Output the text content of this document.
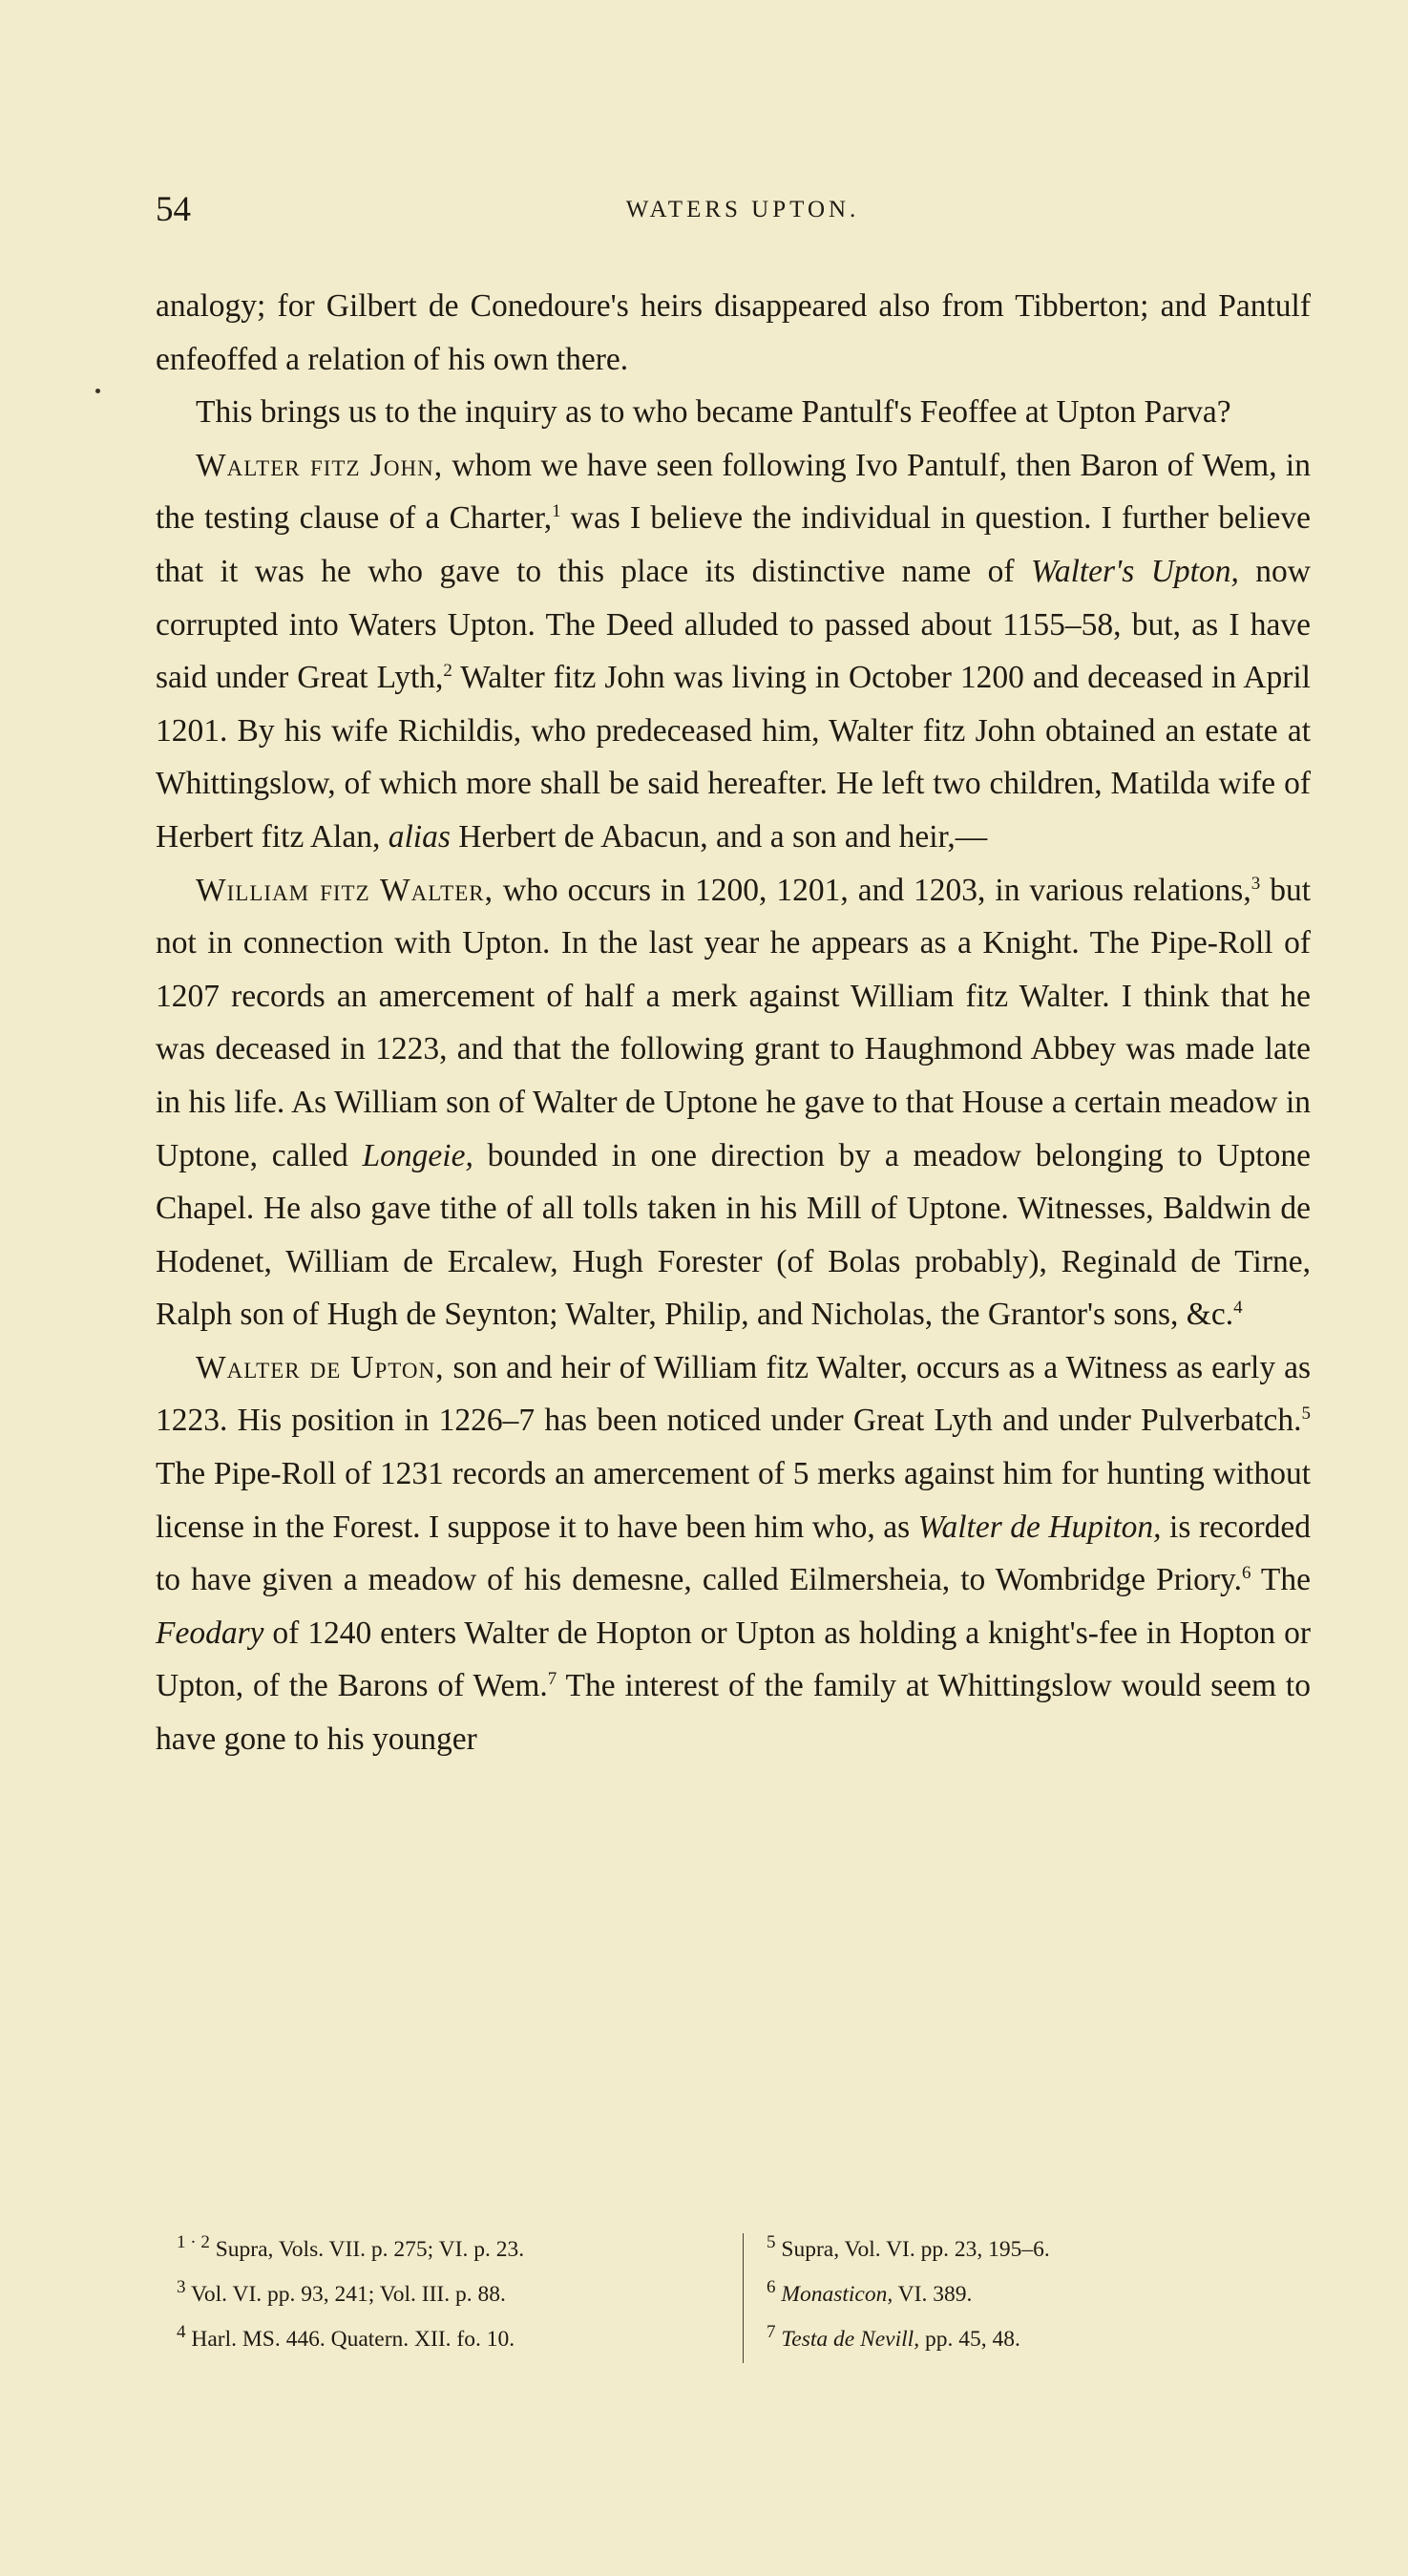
54	WATERS UPTON.

analogy; for Gilbert de Conedoure's heirs disappeared also from Tibberton; and Pantulf enfeoffed a relation of his own there.

This brings us to the inquiry as to who became Pantulf's Feoffee at Upton Parva?

Walter fitz John, whom we have seen following Ivo Pantulf, then Baron of Wem, in the testing clause of a Charter,$^1$ was I believe the individual in question. I further believe that it was he who gave to this place its distinctive name of Walter's Upton, now corrupted into Waters Upton. The Deed alluded to passed about 1155–58, but, as I have said under Great Lyth,$^2$ Walter fitz John was living in October 1200 and deceased in April 1201. By his wife Richildis, who predeceased him, Walter fitz John obtained an estate at Whittingslow, of which more shall be said hereafter. He left two children, Matilda wife of Herbert fitz Alan, alias Herbert de Abacun, and a son and heir,—

William fitz Walter, who occurs in 1200, 1201, and 1203, in various relations,$^3$ but not in connection with Upton. In the last year he appears as a Knight. The Pipe-Roll of 1207 records an amercement of half a merk against William fitz Walter. I think that he was deceased in 1223, and that the following grant to Haughmond Abbey was made late in his life. As William son of Walter de Uptone he gave to that House a certain meadow in Uptone, called Longeie, bounded in one direction by a meadow belonging to Uptone Chapel. He also gave tithe of all tolls taken in his Mill of Uptone. Witnesses, Baldwin de Hodenet, William de Ercalew, Hugh Forester (of Bolas probably), Reginald de Tirne, Ralph son of Hugh de Seynton; Walter, Philip, and Nicholas, the Grantor's sons, &c.$^4$

Walter de Upton, son and heir of William fitz Walter, occurs as a Witness as early as 1223. His position in 1226–7 has been noticed under Great Lyth and under Pulverbatch.$^5$ The Pipe-Roll of 1231 records an amercement of 5 merks against him for hunting without license in the Forest. I suppose it to have been him who, as Walter de Hupiton, is recorded to have given a meadow of his demesne, called Eilmersheia, to Wombridge Priory.$^6$ The Feodary of 1240 enters Walter de Hopton or Upton as holding a knight's-fee in Hopton or Upton, of the Barons of Wem.$^7$ The interest of the family at Whittingslow would seem to have gone to his younger

$^{1 \cdot 2}$ Supra, Vols. VII. p. 275; VI. p. 23.
$^3$ Vol. VI. pp. 93, 241; Vol. III. p. 88.
$^4$ Harl. MS. 446. Quatern. XII. fo. 10.
$^5$ Supra, Vol. VI. pp. 23, 195–6.
$^6$ Monasticon, VI. 389.
$^7$ Testa de Nevill, pp. 45, 48.
